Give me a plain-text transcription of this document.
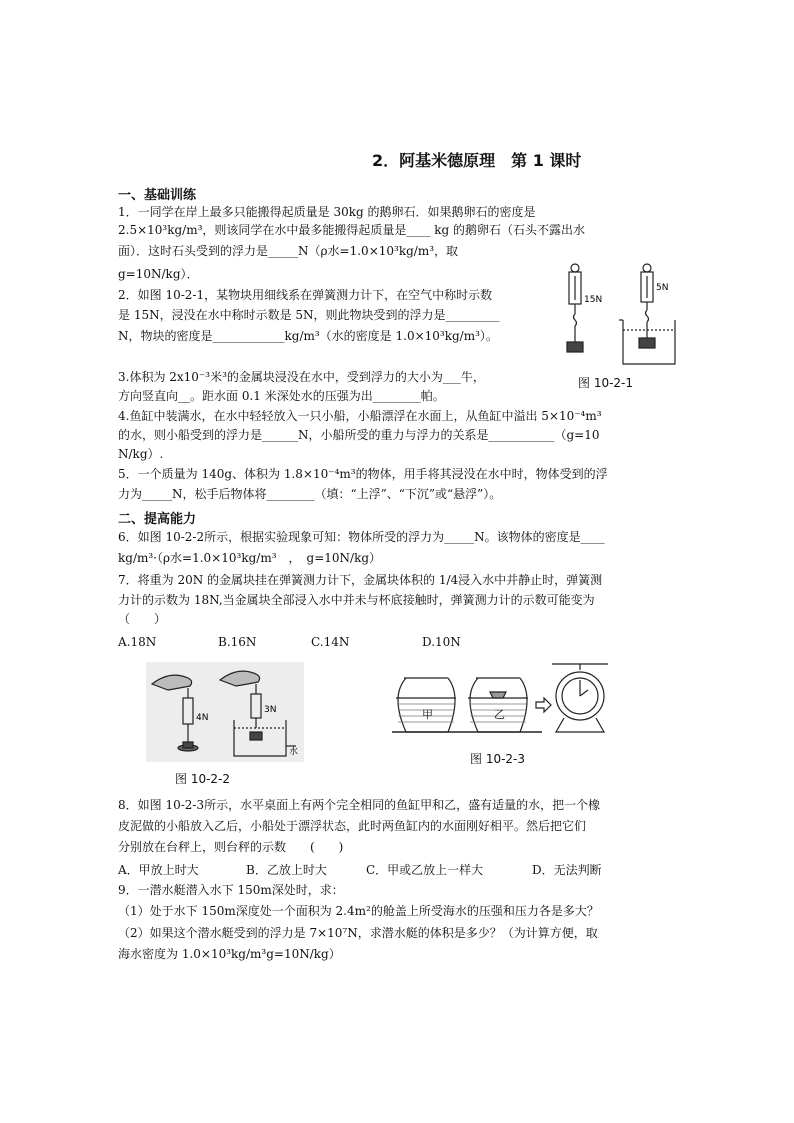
2．阿基米德原理　第 1 课时
一、基础训练
1．一同学在岸上最多只能搬得起质量是 30kg 的鹅卵石．如果鹅卵石的密度是
2.5×10³kg/m³，则该同学在水中最多能搬得起质量是____ kg 的鹅卵石（石头不露出水
面）．这时石头受到的浮力是_____N（ρ水=1.0×10³kg/m³，取
g=10N/kg）．
2．如图 10-2-1，某物块用细线系在弹簧测力计下，在空气中称时示数
是 15N，浸没在水中称时示数是 5N，则此物块受到的浮力是_________
N，物块的密度是____________kg/m³（水的密度是 1.0×10³kg/m³）。
3.体积为 2x10⁻³米³的金属块浸没在水中，受到浮力的大小为___牛，
方向竖直向__。距水面 0.1 米深处水的压强为出________帕。
4.鱼缸中装满水，在水中轻轻放入一只小船，小船漂浮在水面上，从鱼缸中溢出 5×10⁻⁴m³
的水，则小船受到的浮力是______N，小船所受的重力与浮力的关系是___________（g=10
N/kg）.
5．一个质量为 140g、体积为 1.8×10⁻⁴m³的物体，用手将其浸没在水中时，物体受到的浮
力为_____N，松手后物体将________（填：“上浮”、“下沉”或“悬浮”）。
二、提高能力
6．如图 10-2-2所示，根据实验现象可知：物体所受的浮力为_____N。该物体的密度是____
kg/m³·（ρ水=1.0×10³kg/m³　，　g=10N/kg）
7．将重为 20N 的金属块挂在弹簧测力计下，金属块体积的 1/4浸入水中并静止时，弹簧测
力计的示数为 18N,当金属块全部浸入水中并未与杯底接触时，弹簧测力计的示数可能变为
（　　）
A.18N	B.16N	C.14N	D.10N
15N
5N
图 10-2-1
4N
3N
水
图 10-2-2
甲	乙
图 10-2-3
8．如图 10-2-3所示，水平桌面上有两个完全相同的鱼缸甲和乙，盛有适量的水，把一个橡
皮泥做的小船放入乙后，小船处于漂浮状态，此时两鱼缸内的水面刚好相平。然后把它们
分别放在台秤上，则台秤的示数　　(　　)
A．甲放上时大	B．乙放上时大	C．甲或乙放上一样大	D．无法判断
9．一潜水艇潜入水下 150m深处时，求：
（1）处于水下 150m深度处一个面积为 2.4m²的舱盖上所受海水的压强和压力各是多大？
（2）如果这个潜水艇受到的浮力是 7×10⁷N，求潜水艇的体积是多少？（为计算方便，取
海水密度为 1.0×10³kg/m³g=10N/kg）
